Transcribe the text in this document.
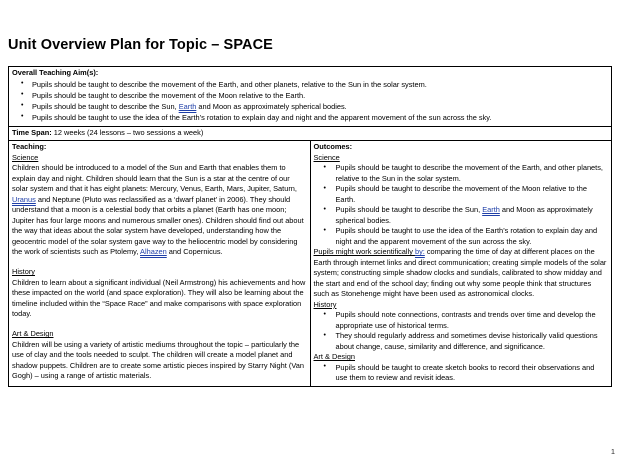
Unit Overview Plan for Topic – SPACE
Overall Teaching Aim(s):
• Pupils should be taught to describe the movement of the Earth, and other planets, relative to the Sun in the solar system.
• Pupils should be taught to describe the movement of the Moon relative to the Earth.
• Pupils should be taught to describe the Sun, Earth and Moon as approximately spherical bodies.
• Pupils should be taught to use the idea of the Earth’s rotation to explain day and night and the apparent movement of the sun across the sky.

Time Span: 12 weeks (24 lessons – two sessions a week)

Teaching:
Science

Children should be introduced to a model of the Sun and Earth that enables them to explain day and night. Children should learn that the Sun is a star at the centre of our solar system and that it has eight planets: Mercury, Venus, Earth, Mars, Jupiter, Saturn, Uranus and Neptune (Pluto was reclassified as a ‘dwarf planet’ in 2006). They should understand that a moon is a celestial body that orbits a planet (Earth has one moon; Jupiter has four large moons and numerous smaller ones). Children should find out about the way that ideas about the solar system have developed, understanding how the geocentric model of the solar system gave way to the heliocentric model by considering the work of scientists such as Ptolemy, Alhazen and Copernicus.

History

Children to learn about a significant individual (Neil Armstrong) his achievements and how these impacted on the world (and space exploration). They will also be learning about the timeline included within the “Space Race” and make comparisons with space exploration today.

Art & Design

Children will be using a variety of artistic mediums throughout the topic – particularly the use of clay and the tools needed to sculpt. The children will create a model planet and shadow puppets. Children are to create some artistic pieces inspired by Starry Night (Van Gogh) – using a range of artistic materials.

Outcomes:
Science
• Pupils should be taught to describe the movement of the Earth, and other planets, relative to the Sun in the solar system.
• Pupils should be taught to describe the movement of the Moon relative to the Earth.
• Pupils should be taught to describe the Sun, Earth and Moon as approximately spherical bodies.
• Pupils should be taught to use the idea of the Earth’s rotation to explain day and night and the apparent movement of the sun across the sky.

Pupils might work scientifically by: comparing the time of day at different places on the Earth through internet links and direct communication; creating simple models of the solar system; constructing simple shadow clocks and sundials, calibrated to show midday and the start and end of the school day; finding out why some people think that structures such as Stonehenge might have been used as astronomical clocks.

History
• Pupils should note connections, contrasts and trends over time and develop the appropriate use of historical terms.
• They should regularly address and sometimes devise historically valid questions about change, cause, similarity and difference, and significance.
Art & Design
• Pupils should be taught to create sketch books to record their observations and use them to review and revisit ideas.
1
